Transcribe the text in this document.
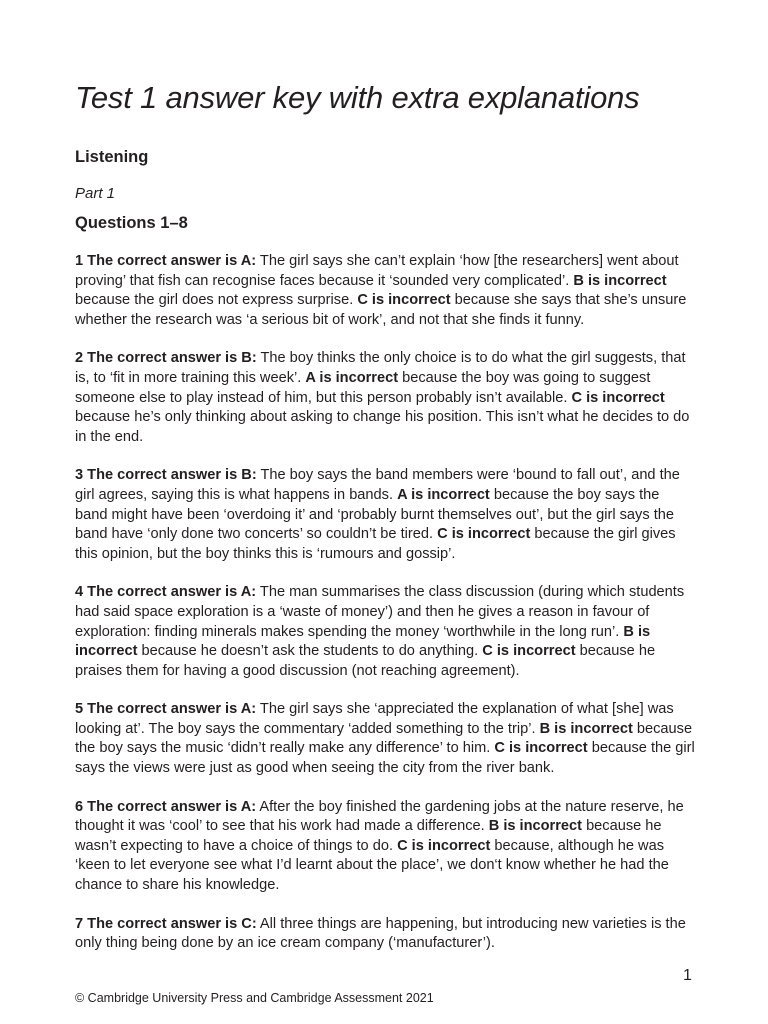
Test 1 answer key with extra explanations
Listening

Part 1

Questions 1–8

1 The correct answer is A: The girl says she can’t explain ‘how [the researchers] went about proving’ that fish can recognise faces because it ‘sounded very complicated’. B is incorrect because the girl does not express surprise. C is incorrect because she says that she’s unsure whether the research was ‘a serious bit of work’, and not that she finds it funny.

2 The correct answer is B: The boy thinks the only choice is to do what the girl suggests, that is, to ‘fit in more training this week’. A is incorrect because the boy was going to suggest someone else to play instead of him, but this person probably isn’t available. C is incorrect because he’s only thinking about asking to change his position. This isn’t what he decides to do in the end.

3 The correct answer is B: The boy says the band members were ‘bound to fall out’, and the girl agrees, saying this is what happens in bands. A is incorrect because the boy says the band might have been ‘overdoing it’ and ‘probably burnt themselves out’, but the girl says the band have ‘only done two concerts’ so couldn’t be tired. C is incorrect because the girl gives this opinion, but the boy thinks this is ‘rumours and gossip’.

4 The correct answer is A: The man summarises the class discussion (during which students had said space exploration is a ‘waste of money’) and then he gives a reason in favour of exploration: finding minerals makes spending the money ‘worthwhile in the long run’. B is incorrect because he doesn’t ask the students to do anything. C is incorrect because he praises them for having a good discussion (not reaching agreement).

5 The correct answer is A: The girl says she ‘appreciated the explanation of what [she] was looking at’. The boy says the commentary ‘added something to the trip’. B is incorrect because the boy says the music ‘didn’t really make any difference’ to him. C is incorrect because the girl says the views were just as good when seeing the city from the river bank.

6 The correct answer is A: After the boy finished the gardening jobs at the nature reserve, he thought it was ‘cool’ to see that his work had made a difference. B is incorrect because he wasn’t expecting to have a choice of things to do. C is incorrect because, although he was ‘keen to let everyone see what I’d learnt about the place’, we don‘t know whether he had the chance to share his knowledge.

7 The correct answer is C: All three things are happening, but introducing new varieties is the only thing being done by an ice cream company (‘manufacturer’).

1
© Cambridge University Press and Cambridge Assessment 2021
